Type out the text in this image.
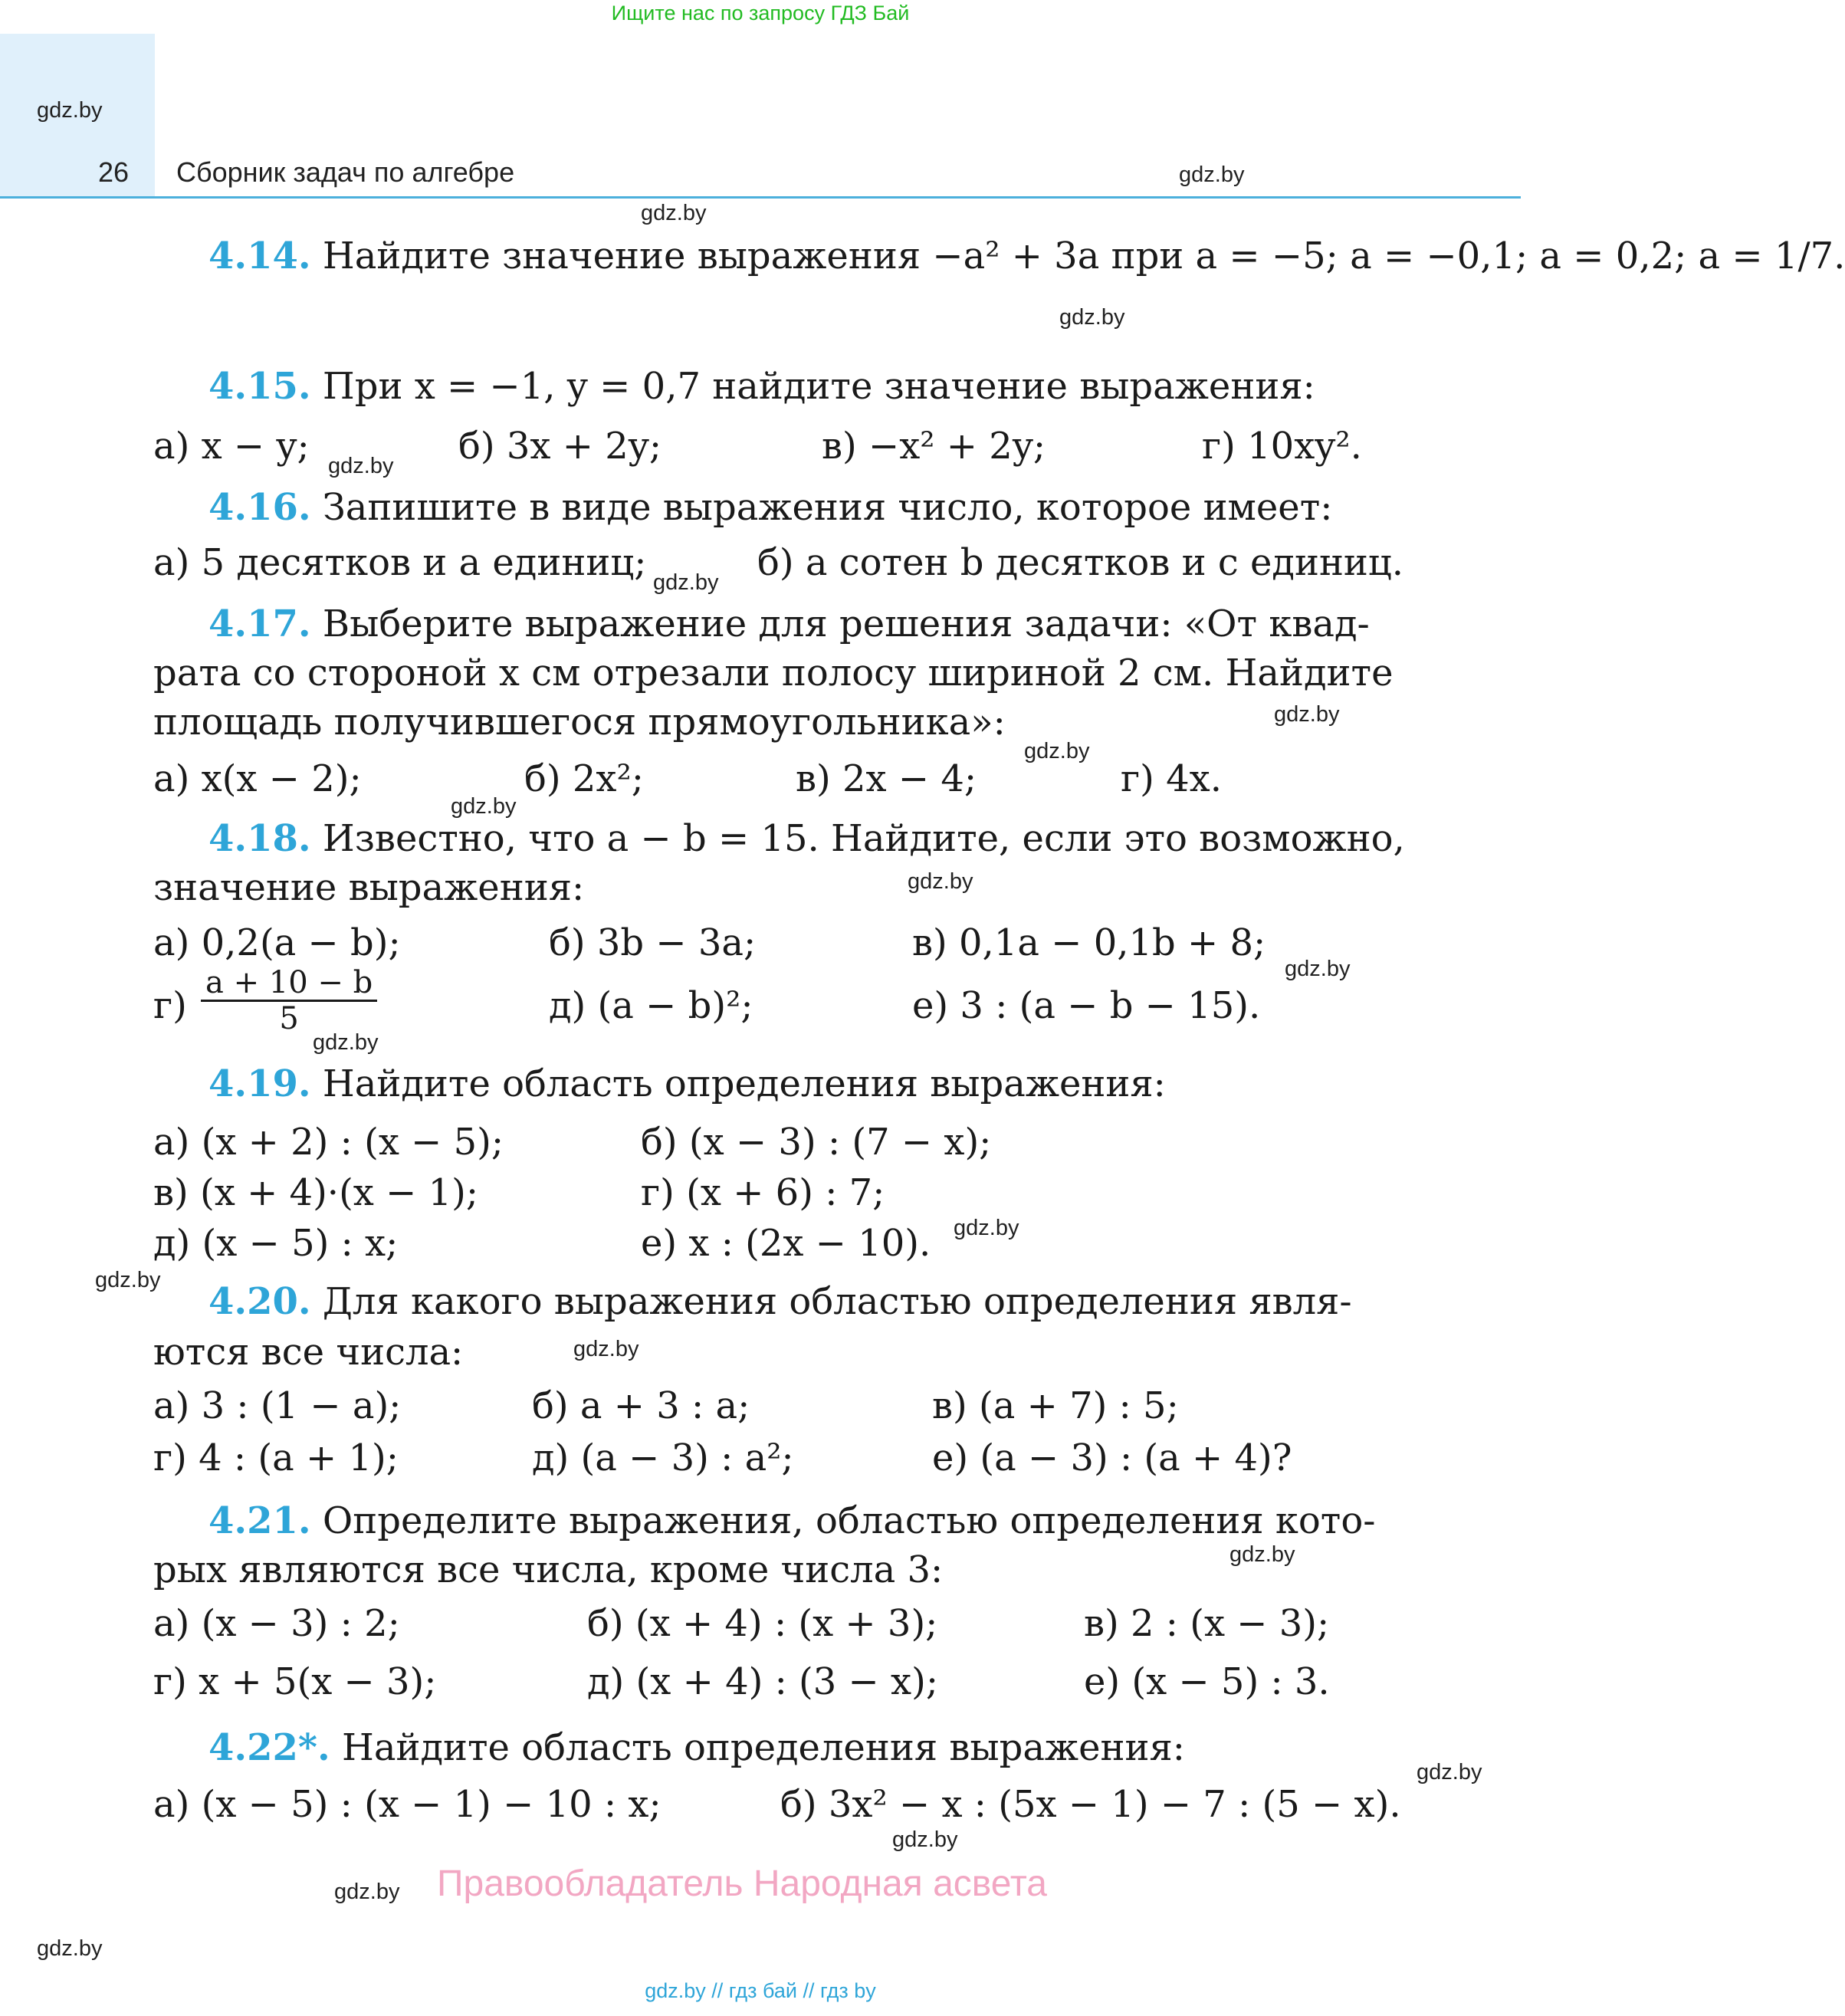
Ищите нас по запросу ГДЗ Бай
gdz.by
26 Сборник задач по алгебре	gdz.by
gdz.by
4.14. Найдите значение выражения −a² + 3a при a = −5; a = −0,1; a = 0,2; a = 1/7.
gdz.by
4.15. При x = −1, y = 0,7 найдите значение выражения:
а) x − y; gdz.by б) 3x + 2y;	в) −x² + 2y;	г) 10xy².
4.16. Запишите в виде выражения число, которое имеет:
а) 5 десятков и a единиц; gdz.by б) a сотен b десятков и c единиц.
4.17. Выберите выражение для решения задачи: «От квад-
рата со стороной x см отрезали полосу шириной 2 см. Найдите
площадь получившегося прямоугольника»:	gdz.by
gdz.by
а) x(x − 2);	б) 2x²;	в) 2x − 4;	г) 4x.
gdz.by
4.18. Известно, что a − b = 15. Найдите, если это возможно,
значение выражения:	gdz.by
а) 0,2(a − b);	б) 3b − 3a;	в) 0,1a − 0,1b + 8;
gdz.by
$г) \frac{a + 10 - b}{5}$
gdz.by
д) (a − b)²;	е) 3 : (a − b − 15).
4.19. Найдите область определения выражения:
а) (x + 2) : (x − 5);	б) (x − 3) : (7 − x);
в) (x + 4)·(x − 1);	г) (x + 6) : 7;
д) (x − 5) : x;	е) x : (2x − 10). gdz.by
gdz.by 4.20. Для какого выражения областью определения явля-
ются все числа:	gdz.by
а) 3 : (1 − a);	б) a + 3 : a;	в) (a + 7) : 5;
г) 4 : (a + 1);	д) (a − 3) : a²;	е) (a − 3) : (a + 4)?
4.21. Определите выражения, областью определения кото-
рых являются все числа, кроме числа 3:	gdz.by
а) (x − 3) : 2;	б) (x + 4) : (x + 3);	в) 2 : (x − 3);
г) x + 5(x − 3);	д) (x + 4) : (3 − x);	е) (x − 5) : 3.
4.22*. Найдите область определения выражения:
gdz.by
а) (x − 5) : (x − 1) − 10 : x;	б) 3x² − x : (5x − 1) − 7 : (5 − x).
gdz.by
gdz.by Правообладатель Народная асвета
gdz.by
gdz.by // гдз бай // гдз by
